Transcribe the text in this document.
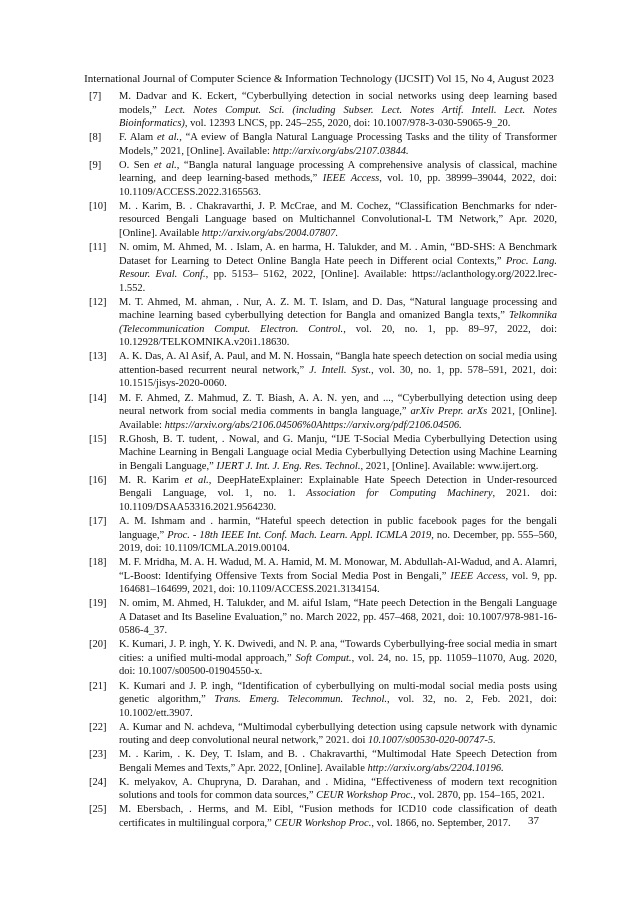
International Journal of Computer Science & Information Technology (IJCSIT) Vol 15, No 4, August 2023
[7] M. Dadvar and K. Eckert, “Cyberbullying detection in social networks using deep learning based models,” Lect. Notes Comput. Sci. (including Subser. Lect. Notes Artif. Intell. Lect. Notes Bioinformatics), vol. 12393 LNCS, pp. 245–255, 2020, doi: 10.1007/978-3-030-59065-9_20.
[8] F. Alam et al., “A eview of Bangla Natural Language Processing Tasks and the tility of Transformer Models,” 2021, [Online]. Available: http://arxiv.org/abs/2107.03844.
[9] O. Sen et al., “Bangla natural language processing A comprehensive analysis of classical, machine learning, and deep learning-based methods,” IEEE Access, vol. 10, pp. 38999–39044, 2022, doi: 10.1109/ACCESS.2022.3165563.
[10] M. . Karim, B. . Chakravarthi, J. P. McCrae, and M. Cochez, “Classification Benchmarks for nder-resourced Bengali Language based on Multichannel Convolutional-L TM Network,” Apr. 2020, [Online]. Available http://arxiv.org/abs/2004.07807.
[11] N. omim, M. Ahmed, M. . Islam, A. en harma, H. Talukder, and M. . Amin, “BD-SHS: A Benchmark Dataset for Learning to Detect Online Bangla Hate peech in Different ocial Contexts,” Proc. Lang. Resour. Eval. Conf., pp. 5153– 5162, 2022, [Online]. Available: https://aclanthology.org/2022.lrec-1.552.
[12] M. T. Ahmed, M. ahman, . Nur, A. Z. M. T. Islam, and D. Das, “Natural language processing and machine learning based cyberbullying detection for Bangla and omanized Bangla texts,” Telkomnika (Telecommunication Comput. Electron. Control., vol. 20, no. 1, pp. 89–97, 2022, doi: 10.12928/TELKOMNIKA.v20i1.18630.
[13] A. K. Das, A. Al Asif, A. Paul, and M. N. Hossain, “Bangla hate speech detection on social media using attention-based recurrent neural network,” J. Intell. Syst., vol. 30, no. 1, pp. 578–591, 2021, doi: 10.1515/jisys-2020-0060.
[14] M. F. Ahmed, Z. Mahmud, Z. T. Biash, A. A. N. yen, and ..., “Cyberbullying detection using deep neural network from social media comments in bangla language,” arXiv Prepr. arXs 2021, [Online]. Available: https://arxiv.org/abs/2106.04506%0Ahttps://arxiv.org/pdf/2106.04506.
[15] R.Ghosh, B. T. tudent, . Nowal, and G. Manju, “IJE T-Social Media Cyberbullying Detection using Machine Learning in Bengali Language ocial Media Cyberbullying Detection using Machine Learning in Bengali Language,” IJERT J. Int. J. Eng. Res. Technol., 2021, [Online]. Available: www.ijert.org.
[16] M. R. Karim et al., DeepHateExplainer: Explainable Hate Speech Detection in Under-resourced Bengali Language, vol. 1, no. 1. Association for Computing Machinery, 2021. doi: 10.1109/DSAA53316.2021.9564230.
[17] A. M. Ishmam and . harmin, “Hateful speech detection in public facebook pages for the bengali language,” Proc. - 18th IEEE Int. Conf. Mach. Learn. Appl. ICMLA 2019, no. December, pp. 555–560, 2019, doi: 10.1109/ICMLA.2019.00104.
[18] M. F. Mridha, M. A. H. Wadud, M. A. Hamid, M. M. Monowar, M. Abdullah-Al-Wadud, and A. Alamri, “L-Boost: Identifying Offensive Texts from Social Media Post in Bengali,” IEEE Access, vol. 9, pp. 164681–164699, 2021, doi: 10.1109/ACCESS.2021.3134154.
[19] N. omim, M. Ahmed, H. Talukder, and M. aiful Islam, “Hate peech Detection in the Bengali Language A Dataset and Its Baseline Evaluation,” no. March 2022, pp. 457–468, 2021, doi: 10.1007/978-981-16-0586-4_37.
[20] K. Kumari, J. P. ingh, Y. K. Dwivedi, and N. P. ana, “Towards Cyberbullying-free social media in smart cities: a unified multi-modal approach,” Soft Comput., vol. 24, no. 15, pp. 11059–11070, Aug. 2020, doi: 10.1007/s00500-01904550-x.
[21] K. Kumari and J. P. ingh, “Identification of cyberbullying on multi-modal social media posts using genetic algorithm,” Trans. Emerg. Telecommun. Technol., vol. 32, no. 2, Feb. 2021, doi: 10.1002/ett.3907.
[22] A. Kumar and N. achdeva, “Multimodal cyberbullying detection using capsule network with dynamic routing and deep convolutional neural network,” 2021. doi 10.1007/s00530-020-00747-5.
[23] M. . Karim, . K. Dey, T. Islam, and B. . Chakravarthi, “Multimodal Hate Speech Detection from Bengali Memes and Texts,” Apr. 2022, [Online]. Available http://arxiv.org/abs/2204.10196.
[24] K. melyakov, A. Chupryna, D. Darahan, and . Midina, “Effectiveness of modern text recognition solutions and tools for common data sources,” CEUR Workshop Proc., vol. 2870, pp. 154–165, 2021.
[25] M. Ebersbach, . Herms, and M. Eibl, “Fusion methods for ICD10 code classification of death certificates in multilingual corpora,” CEUR Workshop Proc., vol. 1866, no. September, 2017.	37
